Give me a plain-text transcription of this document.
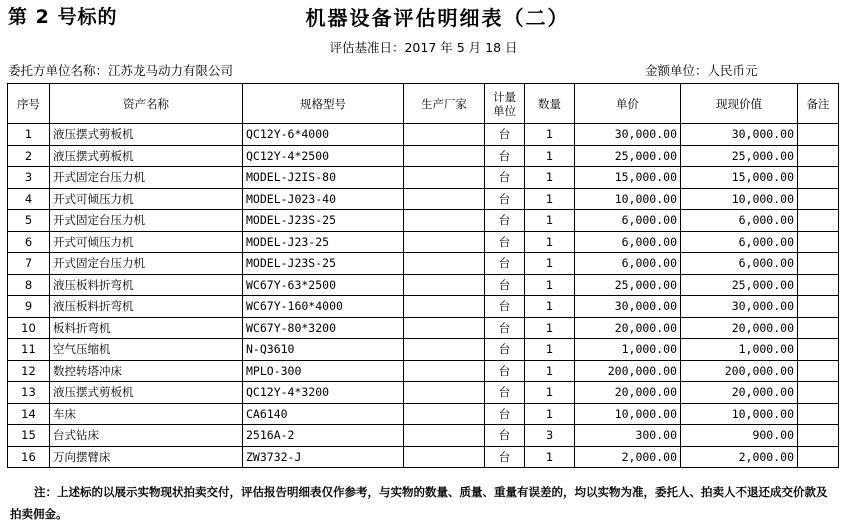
第 2 号标的	机器设备评估明细表（二）
评估基准日：2017 年 5 月 18 日
委托方单位名称：江苏龙马动力有限公司	金额单位：人民币元
序号	资产名称	规格型号	生产厂家	计量单位	数量	单价	现现价值	备注
1	液压摆式剪板机	QC12Y-6*4000		台	1	30,000.00	30,000.00	
2	液压摆式剪板机	QC12Y-4*2500		台	1	25,000.00	25,000.00	
3	开式固定台压力机	MODEL-J2IS-80		台	1	15,000.00	15,000.00	
4	开式可倾压力机	MODEL-J023-40		台	1	10,000.00	10,000.00	
5	开式固定台压力机	MODEL-J23S-25		台	1	6,000.00	6,000.00	
6	开式可倾压力机	MODEL-J23-25		台	1	6,000.00	6,000.00	
7	开式固定台压力机	MODEL-J23S-25		台	1	6,000.00	6,000.00	
8	液压板料折弯机	WC67Y-63*2500		台	1	25,000.00	25,000.00	
9	液压板料折弯机	WC67Y-160*4000		台	1	30,000.00	30,000.00	
10	板料折弯机	WC67Y-80*3200		台	1	20,000.00	20,000.00	
11	空气压缩机	N-Q3610		台	1	1,000.00	1,000.00	
12	数控转塔冲床	MPLO-300		台	1	200,000.00	200,000.00	
13	液压摆式剪板机	QC12Y-4*3200		台	1	20,000.00	20,000.00	
14	车床	CA6140		台	1	10,000.00	10,000.00	
15	台式钻床	2516A-2		台	3	300.00	900.00	
16	万向摆臂床	ZW3732-J		台	1	2,000.00	2,000.00	
注：上述标的以展示实物现状拍卖交付，评估报告明细表仅作参考，与实物的数量、质量、重量有误差的，均以实物为准，委托人、拍卖人不退还成交价款及拍卖佣金。
